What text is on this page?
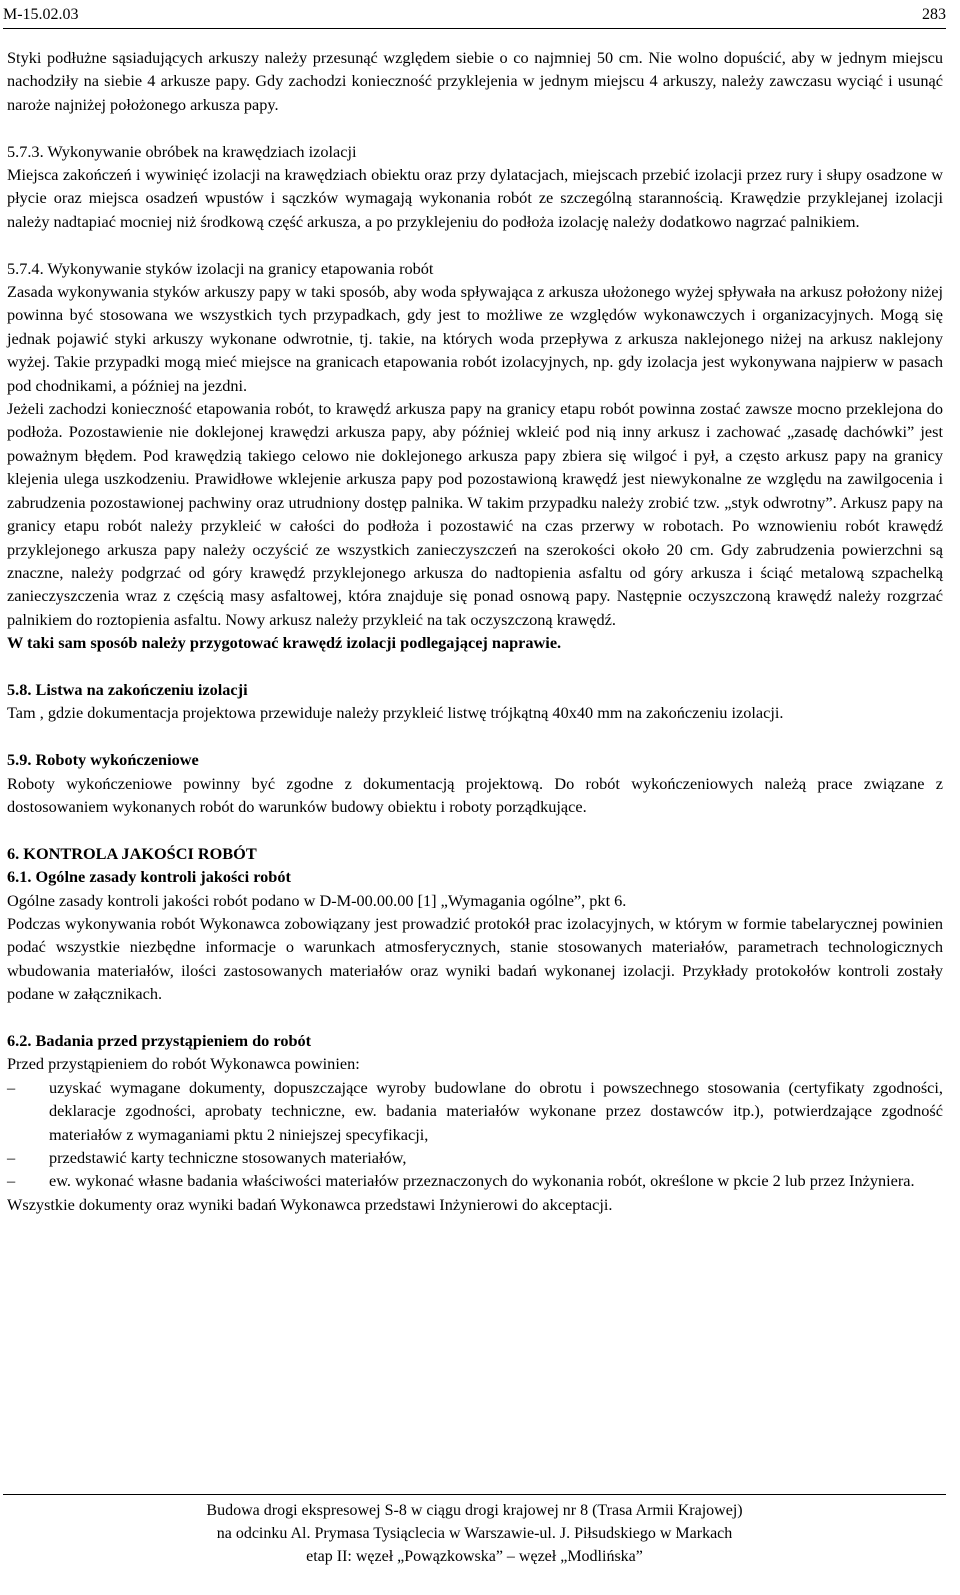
M-15.02.03	283

Styki podłużne sąsiadujących arkuszy należy przesunąć względem siebie o co najmniej 50 cm. Nie wolno dopuścić, aby w jednym miejscu nachodziły na siebie 4 arkusze papy. Gdy zachodzi konieczność przyklejenia w jednym miejscu 4 arkuszy, należy zawczasu wyciąć i usunąć naroże najniżej położonego arkusza papy.

5.7.3. Wykonywanie obróbek na krawędziach izolacji

Miejsca zakończeń i wywinięć izolacji na krawędziach obiektu oraz przy dylatacjach, miejscach przebić izolacji przez rury i słupy osadzone w płycie oraz miejsca osadzeń wpustów i sączków wymagają wykonania robót ze szczególną starannością. Krawędzie przyklejanej izolacji należy nadtapiać mocniej niż środkową część arkusza, a po przyklejeniu do podłoża izolację należy dodatkowo nagrzać palnikiem.

5.7.4. Wykonywanie styków izolacji na granicy etapowania robót

Zasada wykonywania styków arkuszy papy w taki sposób, aby woda spływająca z arkusza ułożonego wyżej spływała na arkusz położony niżej powinna być stosowana we wszystkich tych przypadkach, gdy jest to możliwe ze względów wykonawczych i organizacyjnych. Mogą się jednak pojawić styki arkuszy wykonane odwrotnie, tj. takie, na których woda przepływa z arkusza naklejonego niżej na arkusz naklejony wyżej. Takie przypadki mogą mieć miejsce na granicach etapowania robót izolacyjnych, np. gdy izolacja jest wykonywana najpierw w pasach pod chodnikami, a później na jezdni.

Jeżeli zachodzi konieczność etapowania robót, to krawędź arkusza papy na granicy etapu robót powinna zostać zawsze mocno przeklejona do podłoża. Pozostawienie nie doklejonej krawędzi arkusza papy, aby później wkleić pod nią inny arkusz i zachować „zasadę dachówki” jest poważnym błędem. Pod krawędzią takiego celowo nie doklejonego arkusza papy zbiera się wilgoć i pył, a często arkusz papy na granicy klejenia ulega uszkodzeniu. Prawidłowe wklejenie arkusza papy pod pozostawioną krawędź jest niewykonalne ze względu na zawilgocenia i zabrudzenia pozostawionej pachwiny oraz utrudniony dostęp palnika. W takim przypadku należy zrobić tzw. „styk odwrotny”. Arkusz papy na granicy etapu robót należy przykleić w całości do podłoża i pozostawić na czas przerwy w robotach. Po wznowieniu robót krawędź przyklejonego arkusza papy należy oczyścić ze wszystkich zanieczyszczeń na szerokości około 20 cm. Gdy zabrudzenia powierzchni są znaczne, należy podgrzać od góry krawędź przyklejonego arkusza do nadtopienia asfaltu od góry arkusza i ściąć metalową szpachelką zanieczyszczenia wraz z częścią masy asfaltowej, która znajduje się ponad osnową papy. Następnie oczyszczoną krawędź należy rozgrzać palnikiem do roztopienia asfaltu. Nowy arkusz należy przykleić na tak oczyszczoną krawędź.

W taki sam sposób należy przygotować krawędź izolacji podlegającej naprawie.

5.8. Listwa na zakończeniu izolacji

Tam , gdzie dokumentacja projektowa przewiduje należy przykleić listwę trójkątną 40x40 mm na zakończeniu izolacji.

5.9. Roboty wykończeniowe

Roboty wykończeniowe powinny być zgodne z dokumentacją projektową. Do robót wykończeniowych należą prace związane z dostosowaniem wykonanych robót do warunków budowy obiektu i roboty porządkujące.

6. KONTROLA JAKOŚCI ROBÓT

6.1. Ogólne zasady kontroli jakości robót

Ogólne zasady kontroli jakości robót podano w D-M-00.00.00 [1] „Wymagania ogólne”, pkt 6.

Podczas wykonywania robót Wykonawca zobowiązany jest prowadzić protokół prac izolacyjnych, w którym w formie tabelarycznej powinien podać wszystkie niezbędne informacje o warunkach atmosferycznych, stanie stosowanych materiałów, parametrach technologicznych wbudowania materiałów, ilości zastosowanych materiałów oraz wyniki badań wykonanej izolacji. Przykłady protokołów kontroli zostały podane w załącznikach.

6.2. Badania przed przystąpieniem do robót

Przed przystąpieniem do robót Wykonawca powinien:

– uzyskać wymagane dokumenty, dopuszczające wyroby budowlane do obrotu i powszechnego stosowania (certyfikaty zgodności, deklaracje zgodności, aprobaty techniczne, ew. badania materiałów wykonane przez dostawców itp.), potwierdzające zgodność materiałów z wymaganiami pktu 2 niniejszej specyfikacji,
– przedstawić karty techniczne stosowanych materiałów,
– ew. wykonać własne badania właściwości materiałów przeznaczonych do wykonania robót, określone w pkcie 2 lub przez Inżyniera.

Wszystkie dokumenty oraz wyniki badań Wykonawca przedstawi Inżynierowi do akceptacji.

Budowa drogi ekspresowej S-8 w ciągu drogi krajowej nr 8 (Trasa Armii Krajowej)
na odcinku Al. Prymasa Tysiąclecia w Warszawie-ul. J. Piłsudskiego w Markach
etap II: węzeł „Powązkowska” – węzeł „Modlińska”
